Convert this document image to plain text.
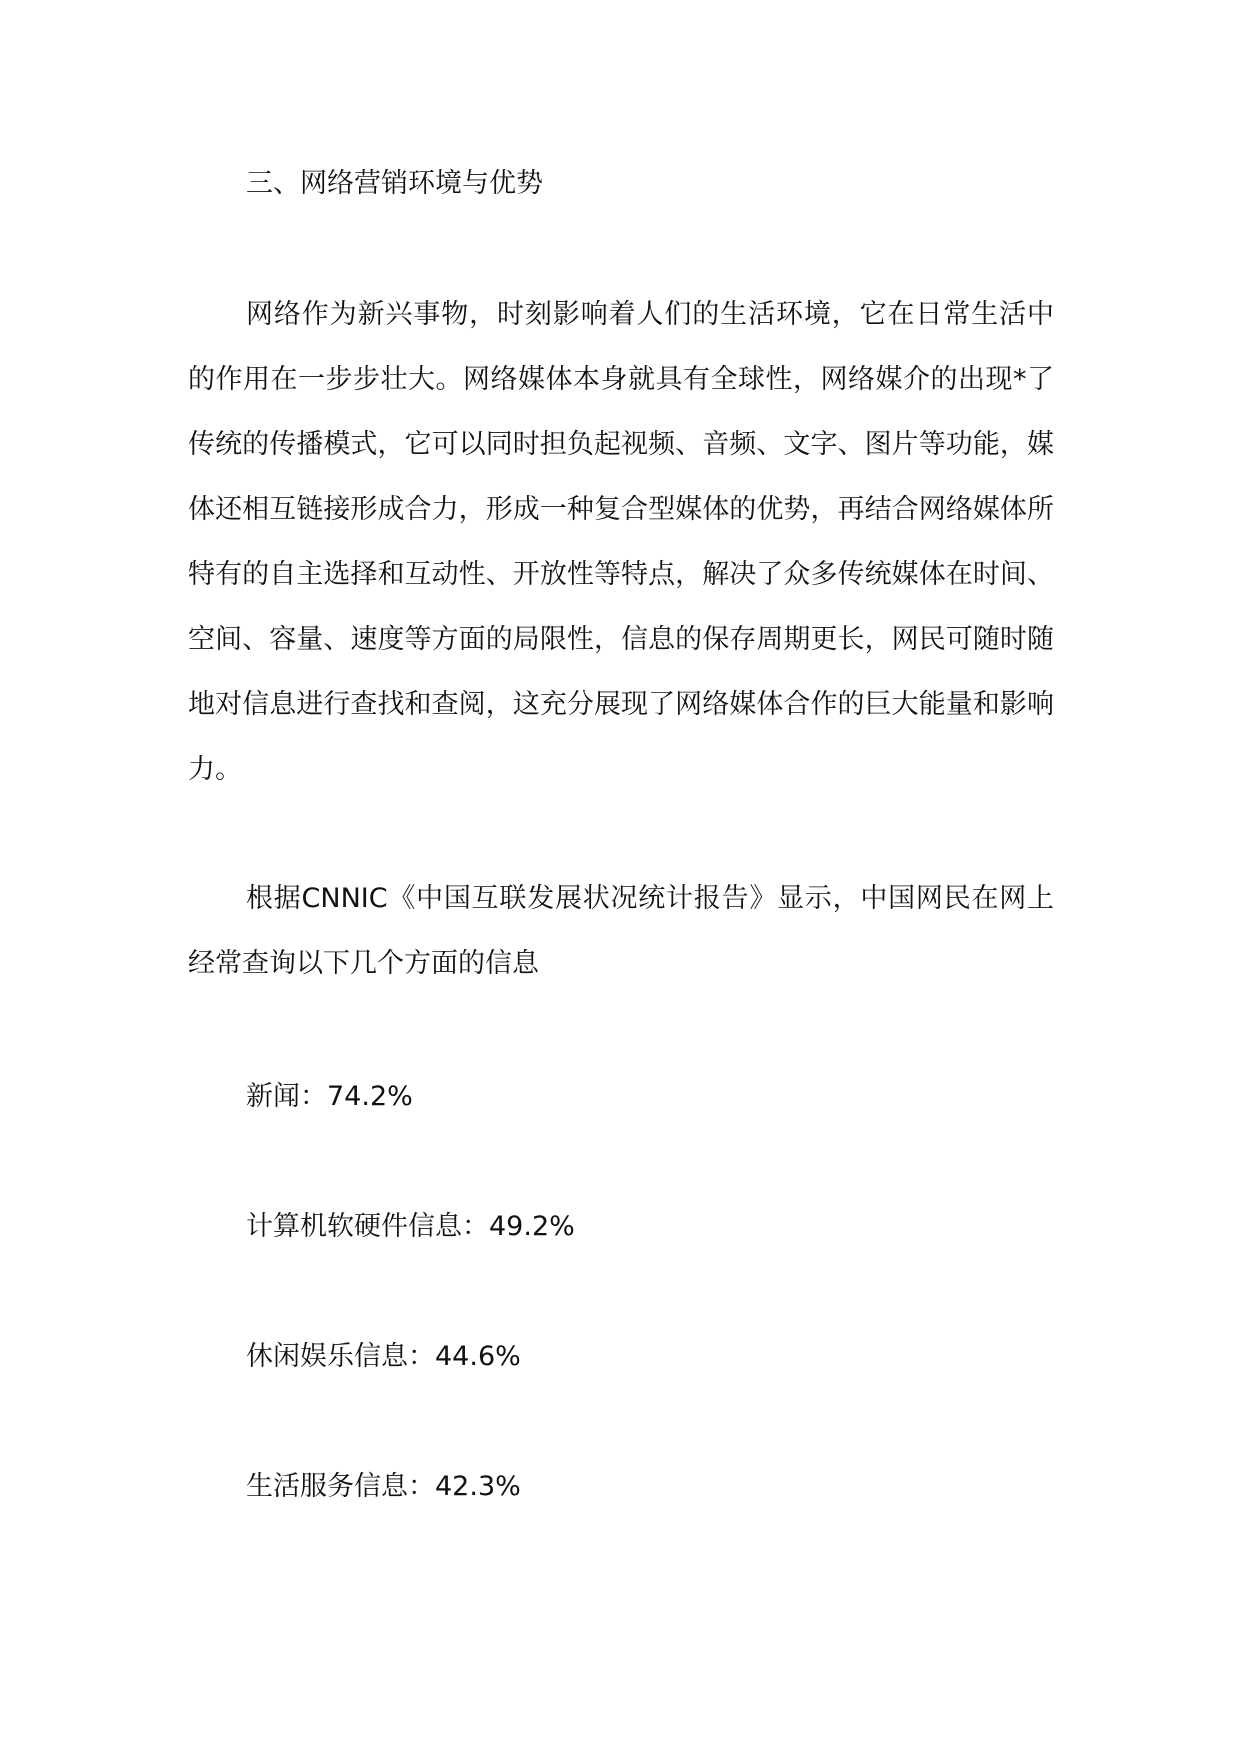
三、网络营销环境与优势

网络作为新兴事物，时刻影响着人们的生活环境，它在日常生活中的作用在一步步壮大。网络媒体本身就具有全球性，网络媒介的出现*了传统的传播模式，它可以同时担负起视频、音频、文字、图片等功能，媒体还相互链接形成合力，形成一种复合型媒体的优势，再结合网络媒体所特有的自主选择和互动性、开放性等特点，解决了众多传统媒体在时间、空间、容量、速度等方面的局限性，信息的保存周期更长，网民可随时随地对信息进行查找和查阅，这充分展现了网络媒体合作的巨大能量和影响力。

根据CNNIC《中国互联发展状况统计报告》显示，中国网民在网上经常查询以下几个方面的信息

新闻：74.2%
计算机软硬件信息：49.2%
休闲娱乐信息：44.6%
生活服务信息：42.3%
